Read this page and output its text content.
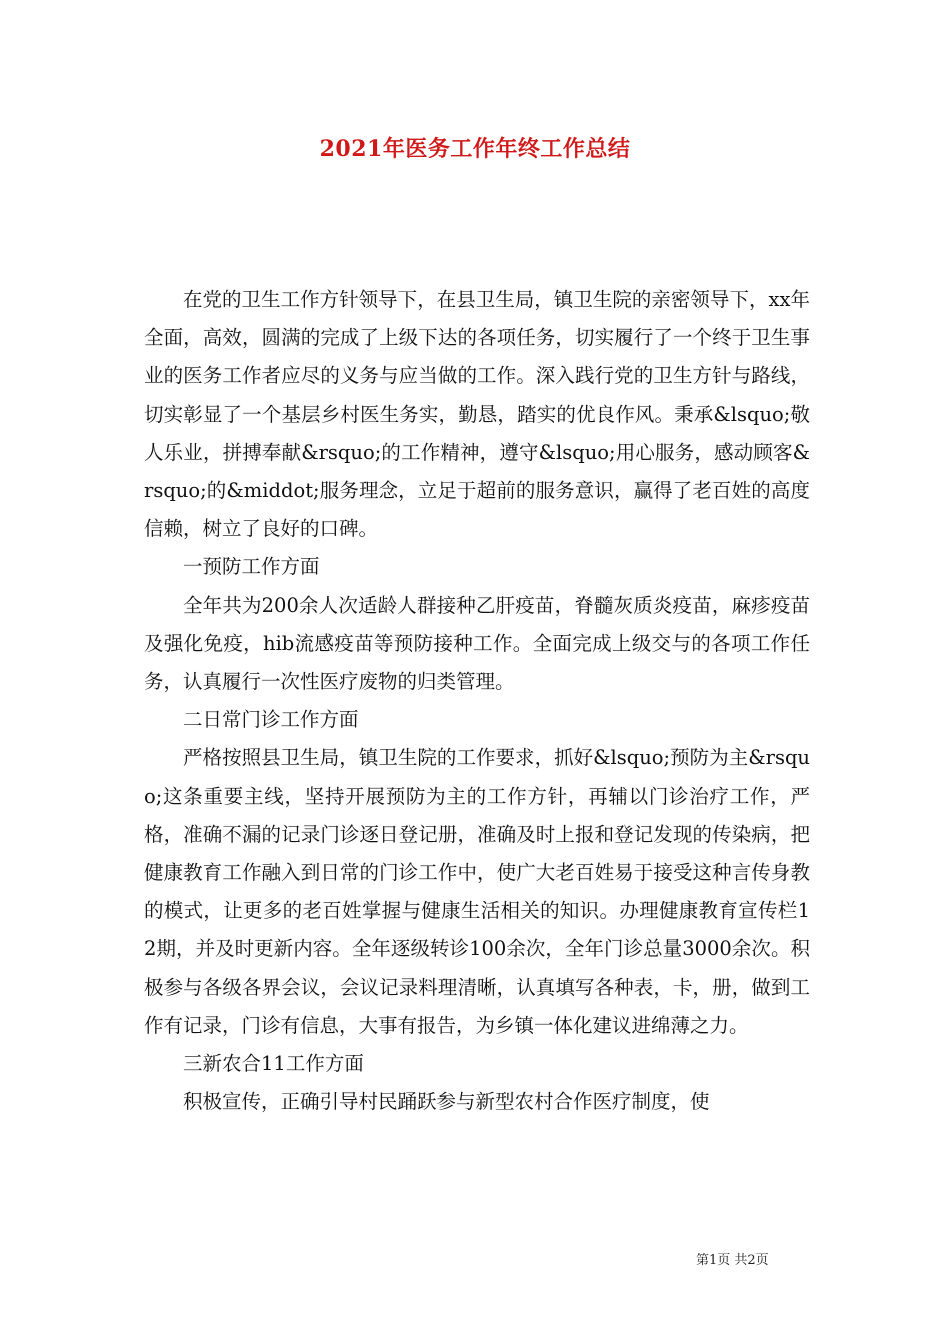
2021年医务工作年终工作总结

在党的卫生工作方针领导下，在县卫生局，镇卫生院的亲密领导下，xx年全面，高效，圆满的完成了上级下达的各项任务，切实履行了一个终于卫生事业的医务工作者应尽的义务与应当做的工作。深入践行党的卫生方针与路线，切实彰显了一个基层乡村医生务实，勤恳，踏实的优良作风。秉承&lsquo;敬人乐业，拼搏奉献&rsquo;的工作精神，遵守&lsquo;用心服务，感动顾客&rsquo;的&middot;服务理念，立足于超前的服务意识，赢得了老百姓的高度信赖，树立了良好的口碑。

一预防工作方面

全年共为200余人次适龄人群接种乙肝疫苗，脊髓灰质炎疫苗，麻疹疫苗及强化免疫，hib流感疫苗等预防接种工作。全面完成上级交与的各项工作任务，认真履行一次性医疗废物的归类管理。

二日常门诊工作方面

严格按照县卫生局，镇卫生院的工作要求，抓好&lsquo;预防为主&rsquo;这条重要主线，坚持开展预防为主的工作方针，再辅以门诊治疗工作，严格，准确不漏的记录门诊逐日登记册，准确及时上报和登记发现的传染病，把健康教育工作融入到日常的门诊工作中，使广大老百姓易于接受这种言传身教的模式，让更多的老百姓掌握与健康生活相关的知识。办理健康教育宣传栏12期，并及时更新内容。全年逐级转诊100余次，全年门诊总量3000余次。积极参与各级各界会议，会议记录料理清晰，认真填写各种表，卡，册，做到工作有记录，门诊有信息，大事有报告，为乡镇一体化建议进绵薄之力。

三新农合11工作方面

积极宣传，正确引导村民踊跃参与新型农村合作医疗制度，使

第1页 共2页
